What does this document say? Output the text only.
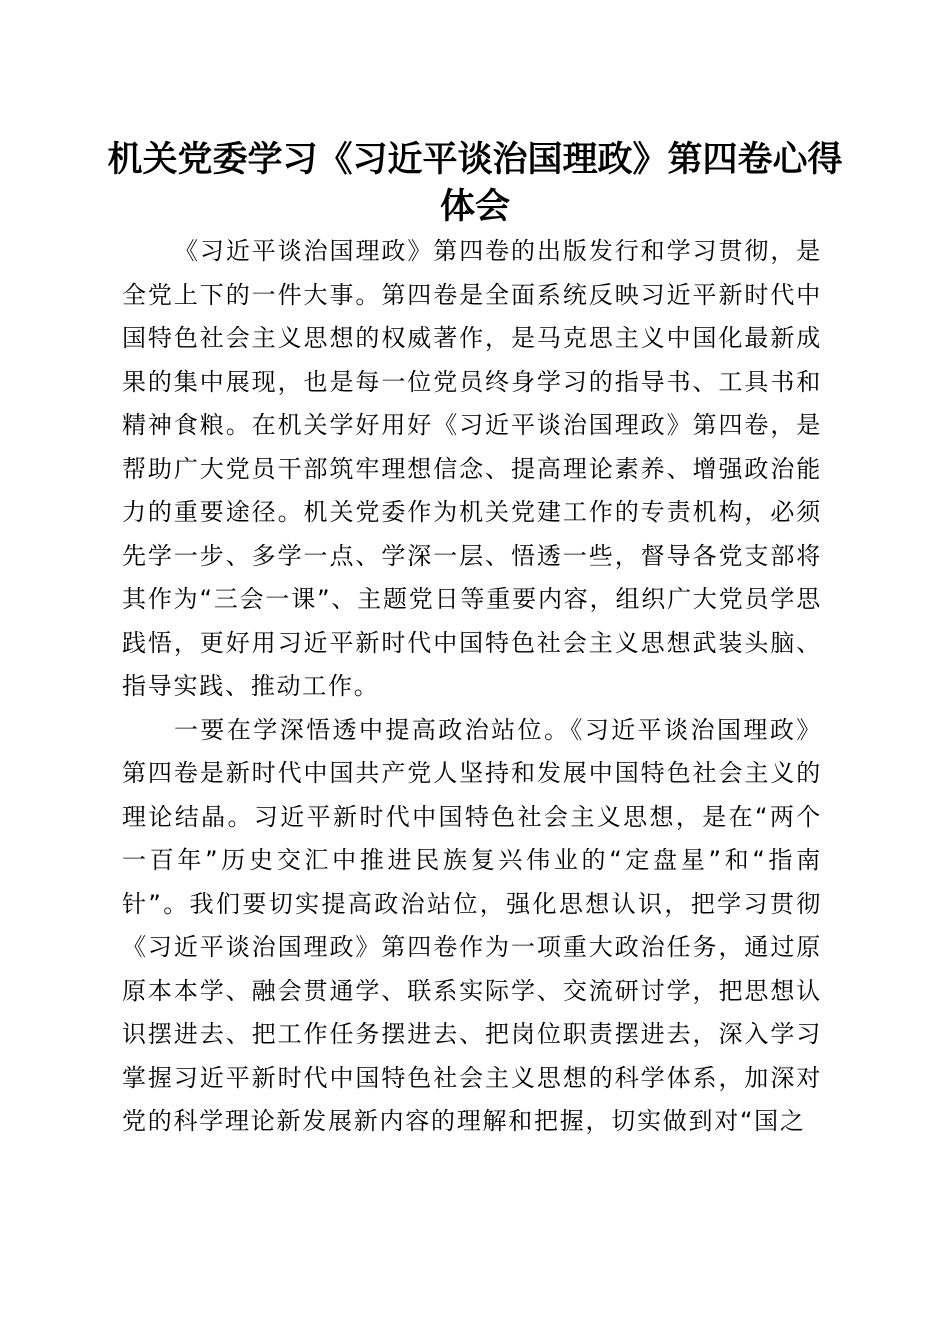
机关党委学习《习近平谈治国理政》第四卷心得体会

《习近平谈治国理政》第四卷的出版发行和学习贯彻，是全党上下的一件大事。第四卷是全面系统反映习近平新时代中国特色社会主义思想的权威著作，是马克思主义中国化最新成果的集中展现，也是每一位党员终身学习的指导书、工具书和精神食粮。在机关学好用好《习近平谈治国理政》第四卷，是帮助广大党员干部筑牢理想信念、提高理论素养、增强政治能力的重要途径。机关党委作为机关党建工作的专责机构，必须先学一步、多学一点、学深一层、悟透一些，督导各党支部将其作为“三会一课”、主题党日等重要内容，组织广大党员学思践悟，更好用习近平新时代中国特色社会主义思想武装头脑、指导实践、推动工作。

一要在学深悟透中提高政治站位。《习近平谈治国理政》第四卷是新时代中国共产党人坚持和发展中国特色社会主义的理论结晶。习近平新时代中国特色社会主义思想，是在“两个一百年”历史交汇中推进民族复兴伟业的“定盘星”和“指南针”。我们要切实提高政治站位，强化思想认识，把学习贯彻《习近平谈治国理政》第四卷作为一项重大政治任务，通过原原本本学、融会贯通学、联系实际学、交流研讨学，把思想认识摆进去、把工作任务摆进去、把岗位职责摆进去，深入学习掌握习近平新时代中国特色社会主义思想的科学体系，加深对党的科学理论新发展新内容的理解和把握，切实做到对“国之
